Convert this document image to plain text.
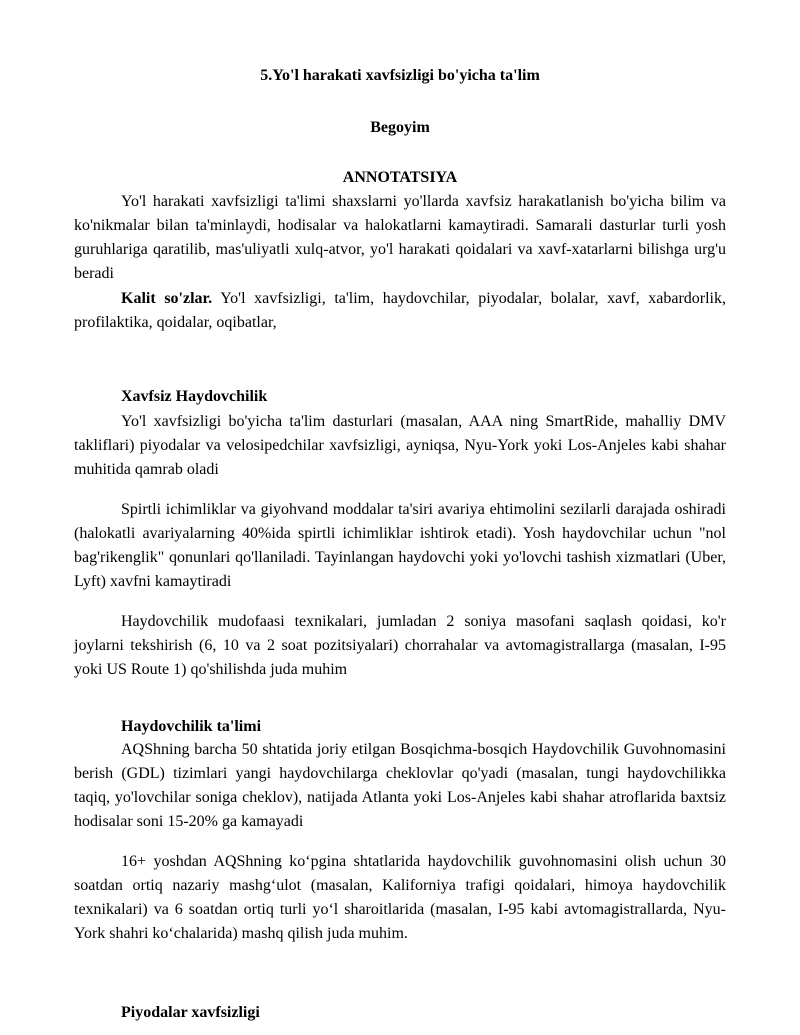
5.Yo'l harakati xavfsizligi bo'yicha ta'lim
Begoyim
ANNOTATSIYA

Yo'l harakati xavfsizligi ta'limi shaxslarni yo'llarda xavfsiz harakatlanish bo'yicha bilim va ko'nikmalar bilan ta'minlaydi, hodisalar va halokatlarni kamaytiradi. Samarali dasturlar turli yosh guruhlariga qaratilib, mas'uliyatli xulq-atvor, yo'l harakati qoidalari va xavf-xatarlarni bilishga urg'u beradi

Kalit so'zlar. Yo'l xavfsizligi, ta'lim, haydovchilar, piyodalar, bolalar, xavf, xabardorlik, profilaktika, qoidalar, oqibatlar,

Xavfsiz Haydovchilik

Yo'l xavfsizligi bo'yicha ta'lim dasturlari (masalan, AAA ning SmartRide, mahalliy DMV takliflari) piyodalar va velosipedchilar xavfsizligi, ayniqsa, Nyu-York yoki Los-Anjeles kabi shahar muhitida qamrab oladi

Spirtli ichimliklar va giyohvand moddalar ta'siri avariya ehtimolini sezilarli darajada oshiradi (halokatli avariyalarning 40%ida spirtli ichimliklar ishtirok etadi). Yosh haydovchilar uchun "nol bag'rikenglik" qonunlari qo'llaniladi. Tayinlangan haydovchi yoki yo'lovchi tashish xizmatlari (Uber, Lyft) xavfni kamaytiradi

Haydovchilik mudofaasi texnikalari, jumladan 2 soniya masofani saqlash qoidasi, ko'r joylarni tekshirish (6, 10 va 2 soat pozitsiyalari) chorrahalar va avtomagistrallarga (masalan, I-95 yoki US Route 1) qo'shilishda juda muhim

Haydovchilik ta'limi

AQShning barcha 50 shtatida joriy etilgan Bosqichma-bosqich Haydovchilik Guvohnomasini berish (GDL) tizimlari yangi haydovchilarga cheklovlar qo'yadi (masalan, tungi haydovchilikka taqiq, yo'lovchilar soniga cheklov), natijada Atlanta yoki Los-Anjeles kabi shahar atroflarida baxtsiz hodisalar soni 15-20% ga kamayadi

16+ yoshdan AQShning ko‘pgina shtatlarida haydovchilik guvohnomasini olish uchun 30 soatdan ortiq nazariy mashg‘ulot (masalan, Kaliforniya trafigi qoidalari, himoya haydovchilik texnikalari) va 6 soatdan ortiq turli yo‘l sharoitlarida (masalan, I-95 kabi avtomagistrallarda, Nyu-York shahri ko‘chalarida) mashq qilish juda muhim.

Piyodalar xavfsizligi
